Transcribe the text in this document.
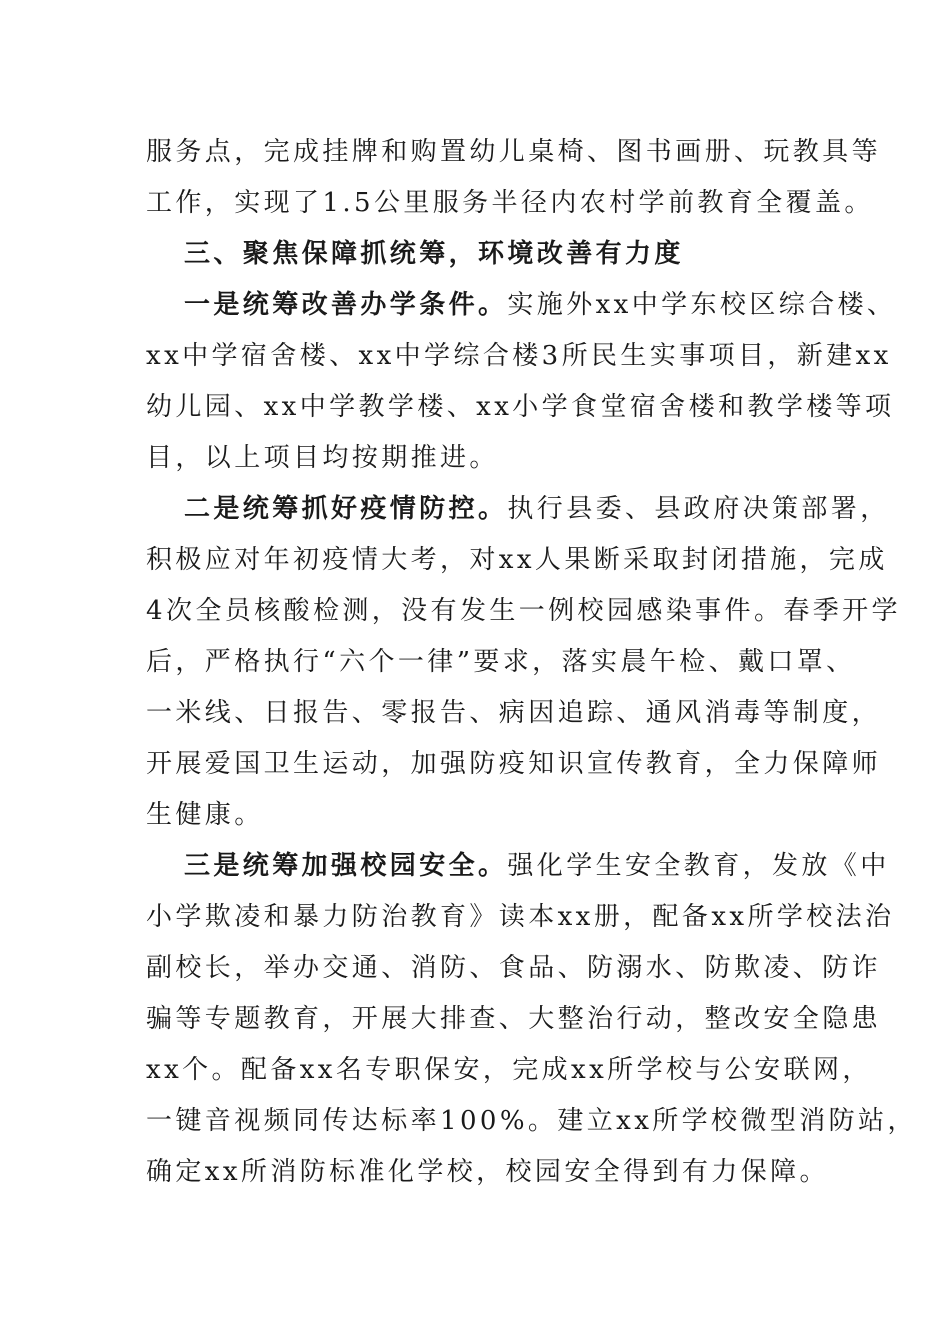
服务点，完成挂牌和购置幼儿桌椅、图书画册、玩教具等
工作，实现了1.5公里服务半径内农村学前教育全覆盖。
三、聚焦保障抓统筹，环境改善有力度
一是统筹改善办学条件。实施外xx中学东校区综合楼、
xx中学宿舍楼、xx中学综合楼3所民生实事项目，新建xx
幼儿园、xx中学教学楼、xx小学食堂宿舍楼和教学楼等项
目，以上项目均按期推进。
二是统筹抓好疫情防控。执行县委、县政府决策部署，
积极应对年初疫情大考，对xx人果断采取封闭措施，完成
4次全员核酸检测，没有发生一例校园感染事件。春季开学
后，严格执行“六个一律”要求，落实晨午检、戴口罩、
一米线、日报告、零报告、病因追踪、通风消毒等制度，
开展爱国卫生运动，加强防疫知识宣传教育，全力保障师
生健康。
三是统筹加强校园安全。强化学生安全教育，发放《中
小学欺凌和暴力防治教育》读本xx册，配备xx所学校法治
副校长，举办交通、消防、食品、防溺水、防欺凌、防诈
骗等专题教育，开展大排查、大整治行动，整改安全隐患
xx个。配备xx名专职保安，完成xx所学校与公安联网，
一键音视频同传达标率100%。建立xx所学校微型消防站，
确定xx所消防标准化学校，校园安全得到有力保障。
